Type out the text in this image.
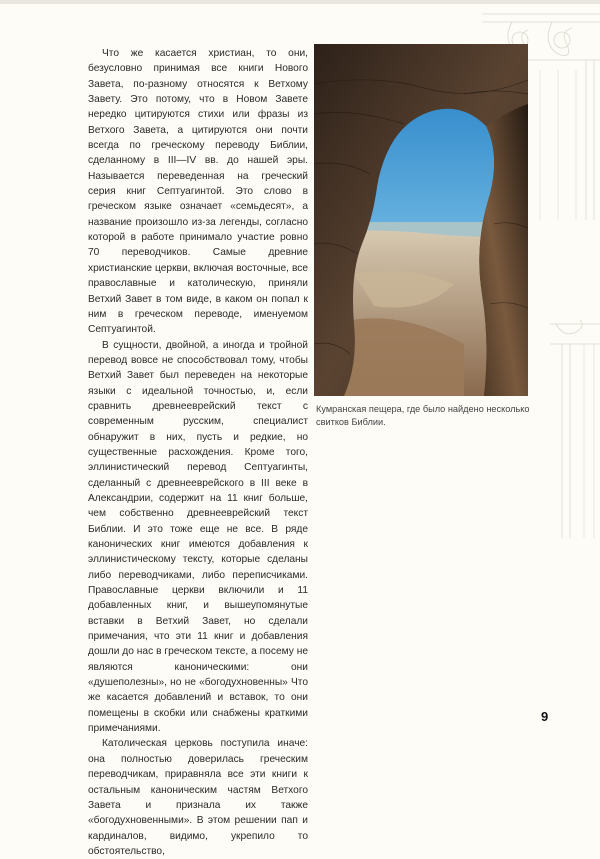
Что же касается христиан, то они, безусловно принимая все книги Нового Завета, по-разному относятся к Ветхому Завету. Это потому, что в Новом Завете нередко цитируются стихи или фразы из Ветхого Завета, а цитируются они почти всегда по греческому переводу Библии, сделанному в III—IV вв. до нашей эры. Называется переведенная на греческий серия книг Септуагинтой. Это слово в греческом языке означает «семьдесят», а название произошло из-за легенды, согласно которой в работе принимало участие ровно 70 переводчиков. Самые древние христианские церкви, включая восточные, все православные и католическую, приняли Ветхий Завет в том виде, в каком он попал к ним в греческом переводе, именуемом Септуагинтой.

В сущности, двойной, а иногда и тройной перевод вовсе не способствовал тому, чтобы Ветхий Завет был переведен на некоторые языки с идеальной точностью, и, если сравнить древнееврейский текст с современным русским, специалист обнаружит в них, пусть и редкие, но существенные расхождения. Кроме того, эллинистический перевод Септуагинты, сделанный с древнееврейского в III веке в Александрии, содержит на 11 книг больше, чем собственно древнееврейский текст Библии. И это тоже еще не все. В ряде канонических книг имеются добавления к эллинистическому тексту, которые сделаны либо переводчиками, либо переписчиками. Православные церкви включили и 11 добавленных книг, и вышеупомянутые вставки в Ветхий Завет, но сделали примечания, что эти 11 книг и добавления дошли до нас в греческом тексте, а посему не являются каноническими: они «душеполезны», но не «богодухновенны» Что же касается добавлений и вставок, то они помещены в скобки или снабжены краткими примечаниями.

Католическая церковь поступила иначе: она полностью доверилась греческим переводчикам, приравняла все эти книги к остальным каноническим частям Ветхого Завета и признала их также «богодухновенными». В этом решении пап и кардиналов, видимо, укрепило то обстоятельство,

Кумранская пещера, где было найдено несколько свитков Библии.
9
